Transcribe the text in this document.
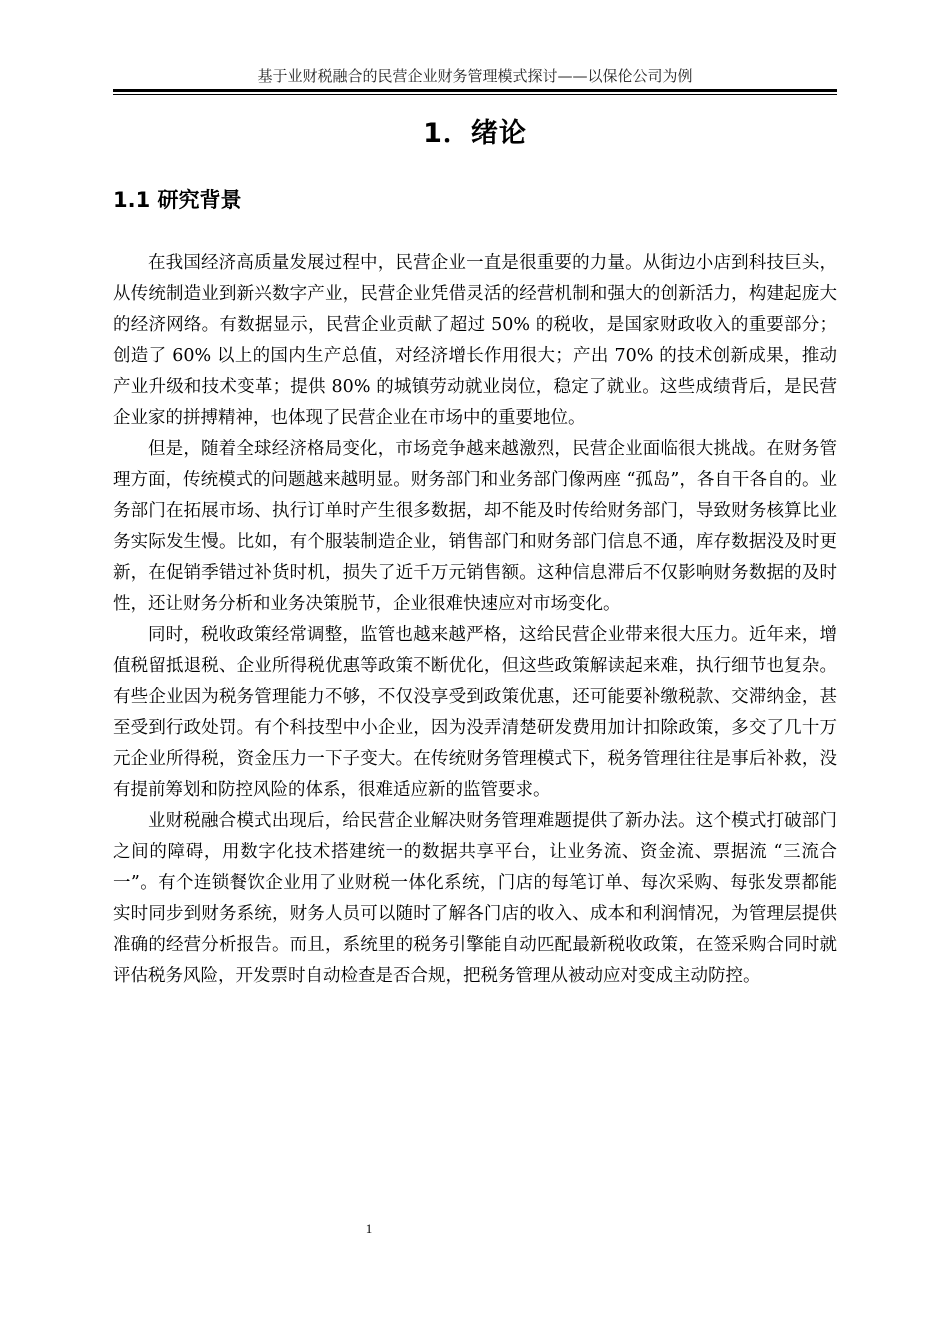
基于业财税融合的民营企业财务管理模式探讨——以保伦公司为例
1．绪论
1.1 研究背景

在我国经济高质量发展过程中，民营企业一直是很重要的力量。从街边小店到科技巨头，从传统制造业到新兴数字产业，民营企业凭借灵活的经营机制和强大的创新活力，构建起庞大的经济网络。有数据显示，民营企业贡献了超过 50% 的税收，是国家财政收入的重要部分；创造了 60% 以上的国内生产总值，对经济增长作用很大；产出 70% 的技术创新成果，推动产业升级和技术变革；提供 80% 的城镇劳动就业岗位，稳定了就业。这些成绩背后，是民营企业家的拼搏精神，也体现了民营企业在市场中的重要地位。

但是，随着全球经济格局变化，市场竞争越来越激烈，民营企业面临很大挑战。在财务管理方面，传统模式的问题越来越明显。财务部门和业务部门像两座 “孤岛”，各自干各自的。业务部门在拓展市场、执行订单时产生很多数据，却不能及时传给财务部门，导致财务核算比业务实际发生慢。比如，有个服装制造企业，销售部门和财务部门信息不通，库存数据没及时更新，在促销季错过补货时机，损失了近千万元销售额。这种信息滞后不仅影响财务数据的及时性，还让财务分析和业务决策脱节，企业很难快速应对市场变化。

同时，税收政策经常调整，监管也越来越严格，这给民营企业带来很大压力。近年来，增值税留抵退税、企业所得税优惠等政策不断优化，但这些政策解读起来难，执行细节也复杂。有些企业因为税务管理能力不够，不仅没享受到政策优惠，还可能要补缴税款、交滞纳金，甚至受到行政处罚。有个科技型中小企业，因为没弄清楚研发费用加计扣除政策，多交了几十万元企业所得税，资金压力一下子变大。在传统财务管理模式下，税务管理往往是事后补救，没有提前筹划和防控风险的体系，很难适应新的监管要求。

业财税融合模式出现后，给民营企业解决财务管理难题提供了新办法。这个模式打破部门之间的障碍，用数字化技术搭建统一的数据共享平台，让业务流、资金流、票据流 “三流合一”。有个连锁餐饮企业用了业财税一体化系统，门店的每笔订单、每次采购、每张发票都能实时同步到财务系统，财务人员可以随时了解各门店的收入、成本和利润情况，为管理层提供准确的经营分析报告。而且，系统里的税务引擎能自动匹配最新税收政策，在签采购合同时就评估税务风险，开发票时自动检查是否合规，把税务管理从被动应对变成主动防控。

1
